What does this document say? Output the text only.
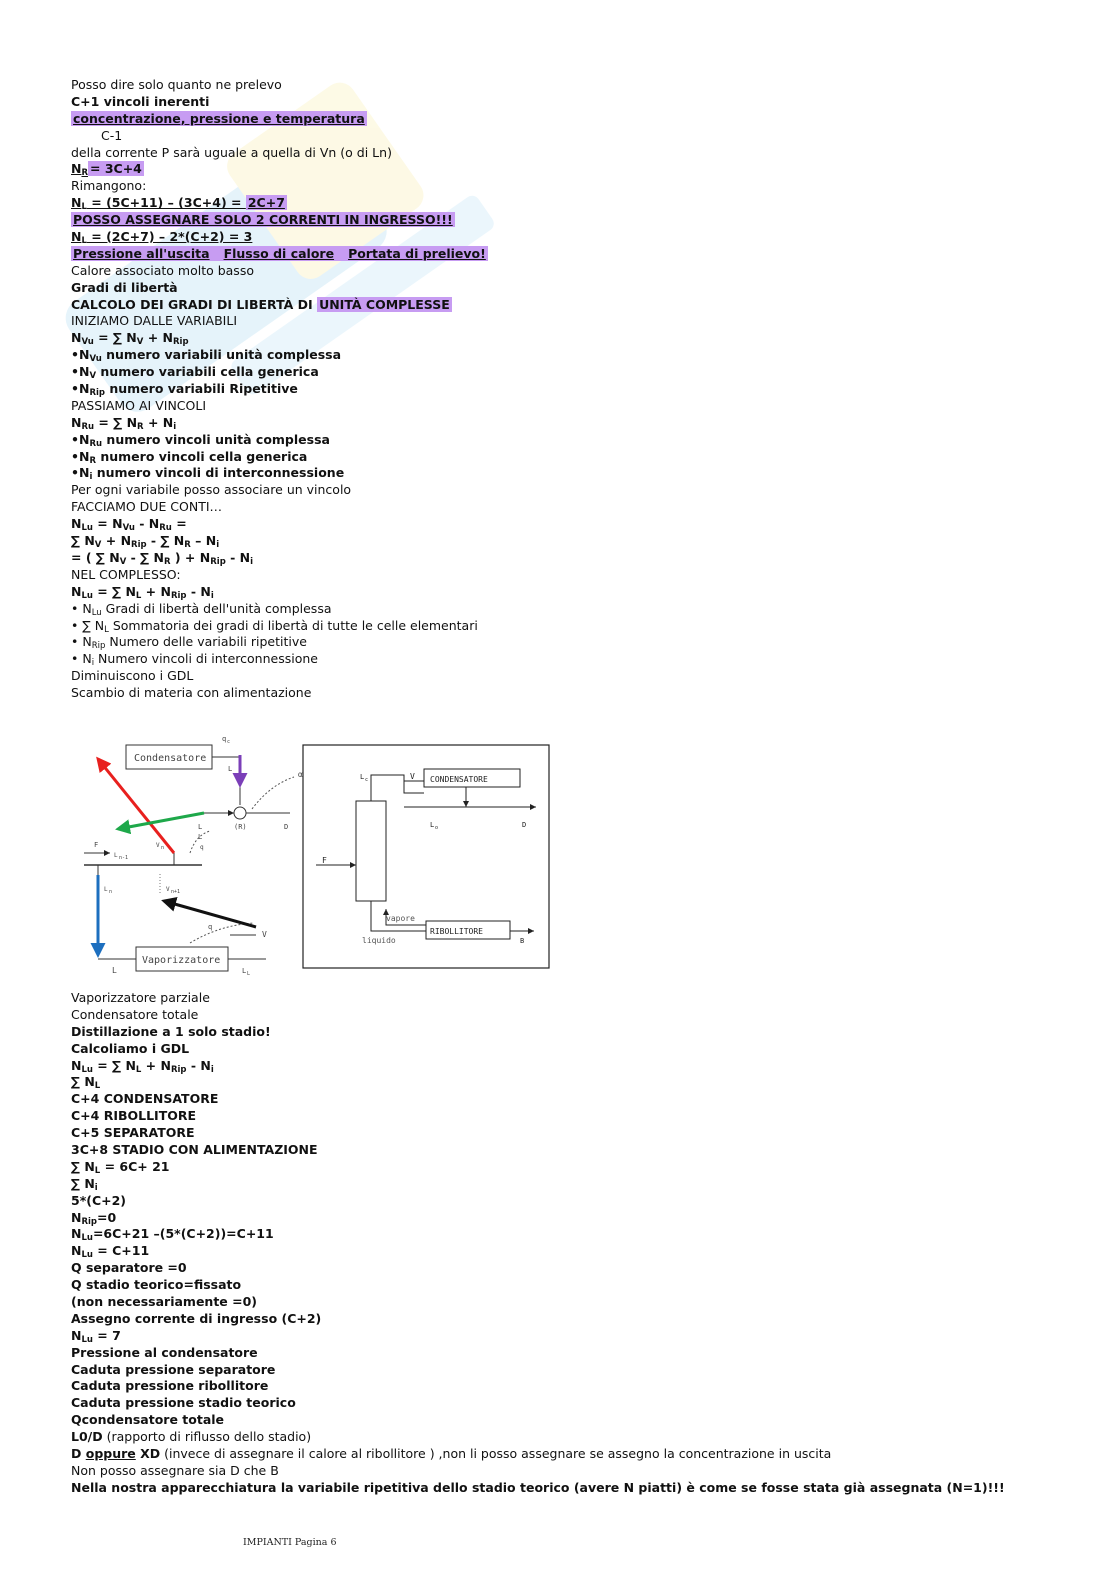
Posso dire solo quanto ne prelevo
C+1 vincoli inerenti
concentrazione, pressione e temperatura
C-1
della corrente P sarà uguale a quella di Vn (o di Ln)
$N_R = 3C+4$
Rimangono:
$N_L = (5C+11) - (3C+4) = 2C+7$
POSSO ASSEGNARE SOLO 2 CORRENTI IN INGRESSO!!!
$N_L = (2C+7) - 2*(C+2) = 3$
Pressione all'uscita Flusso di calore Portata di prelievo!
Calore associato molto basso
Gradi di libertà
CALCOLO DEI GRADI DI LIBERTÀ DI UNITÀ COMPLESSE
INIZIAMO DALLE VARIABILI
$N_{Vu}$ = ∑ $N_V + N_{Rip}$
$•N_{Vu}$ numero variabili unità complessa
$•N_V$ numero variabili cella generica
$•N_{Rip}$ numero variabili Ripetitive
PASSIAMO AI VINCOLI
$N_{Ru}$ = ∑ $N_R + N_i$
$•N_{Ru}$ numero vincoli unità complessa
$•N_R$ numero vincoli cella generica
$•N_i$ numero vincoli di interconnessione
Per ogni variabile posso associare un vincolo
FACCIAMO DUE CONTI…
$N_{Lu} = N_{Vu} - N_{Ru}$ =
∑ $N_V + N_{Rip}$ - ∑ $N_R - N_i$
= ( ∑ $N_V$ - ∑ $N_R$ ) + $N_{Rip} - N_i$
NEL COMPLESSO:
$N_{Lu}$ = ∑ $N_L + N_{Rip} - N_i$
• $N_{Lu}$ Gradi di libertà dell'unità complessa
• ∑ $N_L$ Sommatoria dei gradi di libertà di tutte le celle elementari
• $N_{Rip}$ Numero delle variabili ripetitive
• $N_i$ Numero vincoli di interconnessione
Diminuiscono i GDL
Scambio di materia con alimentazione
Condensatore
q c
L
L	(R)	D
α
F
L n-1
V n
L
q
L n	V n+1
Vaporizzatore
q
V
L	L L
CONDENSATORE
L c	V
L o	D
F
RIBOLLITORE
vapore
liquido	B
Vaporizzatore parziale
Condensatore totale
Distillazione a 1 solo stadio!
Calcoliamo i GDL
$N_{Lu}$ = ∑ $N_L + N_{Rip} - N_i$
∑ $N_L$
C+4 CONDENSATORE
C+4 RIBOLLITORE
C+5 SEPARATORE
3C+8 STADIO CON ALIMENTAZIONE
∑ $N_L = 6C+ 21$
∑ $N_i$
5*(C+2)
$N_{Rip}=0$
$N_{Lu}=6C+21$ –(5*(C+2))=C+11
$N_{Lu} = C+11$
Q separatore =0
Q stadio teorico=fissato
(non necessariamente =0)
Assegno corrente di ingresso (C+2)
$N_{Lu} = 7$
Pressione al condensatore
Caduta pressione separatore
Caduta pressione ribollitore
Caduta pressione stadio teorico
Qcondensatore totale
L0/D (rapporto di riflusso dello stadio)
D oppure XD (invece di assegnare il calore al ribollitore ) ,non li posso assegnare se assegno la concentrazione in uscita
Non posso assegnare sia D che B
Nella nostra apparecchiatura la variabile ripetitiva dello stadio teorico (avere N piatti) è come se fosse stata già assegnata (N=1)!!!
IMPIANTI Pagina 6
